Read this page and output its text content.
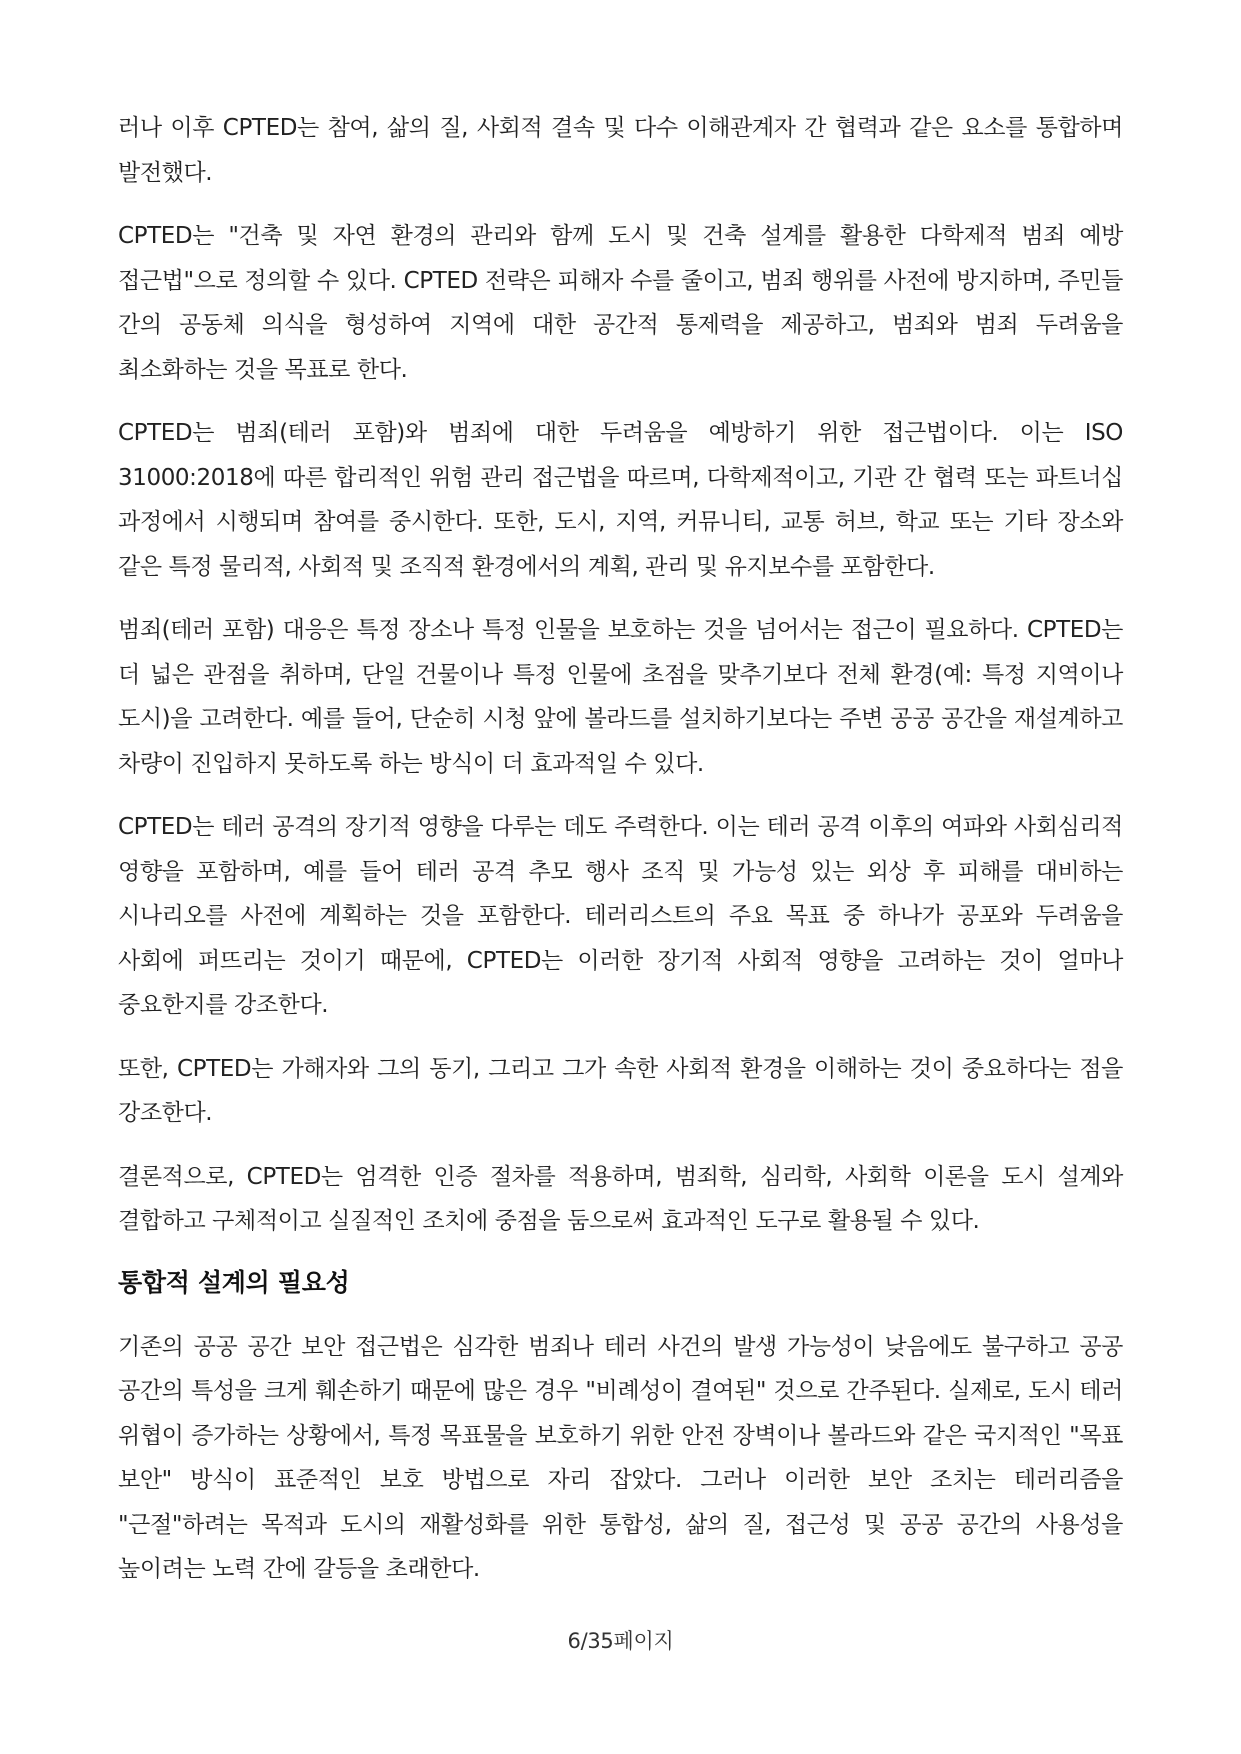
러나 이후 CPTED는 참여, 삶의 질, 사회적 결속 및 다수 이해관계자 간 협력과 같은 요소를 통합하며 발전했다.

CPTED는 "건축 및 자연 환경의 관리와 함께 도시 및 건축 설계를 활용한 다학제적 범죄 예방 접근법"으로 정의할 수 있다. CPTED 전략은 피해자 수를 줄이고, 범죄 행위를 사전에 방지하며, 주민들 간의 공동체 의식을 형성하여 지역에 대한 공간적 통제력을 제공하고, 범죄와 범죄 두려움을 최소화하는 것을 목표로 한다.

CPTED는 범죄(테러 포함)와 범죄에 대한 두려움을 예방하기 위한 접근법이다. 이는 ISO 31000:2018에 따른 합리적인 위험 관리 접근법을 따르며, 다학제적이고, 기관 간 협력 또는 파트너십 과정에서 시행되며 참여를 중시한다. 또한, 도시, 지역, 커뮤니티, 교통 허브, 학교 또는 기타 장소와 같은 특정 물리적, 사회적 및 조직적 환경에서의 계획, 관리 및 유지보수를 포함한다.

범죄(테러 포함) 대응은 특정 장소나 특정 인물을 보호하는 것을 넘어서는 접근이 필요하다. CPTED는 더 넓은 관점을 취하며, 단일 건물이나 특정 인물에 초점을 맞추기보다 전체 환경(예: 특정 지역이나 도시)을 고려한다. 예를 들어, 단순히 시청 앞에 볼라드를 설치하기보다는 주변 공공 공간을 재설계하고 차량이 진입하지 못하도록 하는 방식이 더 효과적일 수 있다.

CPTED는 테러 공격의 장기적 영향을 다루는 데도 주력한다. 이는 테러 공격 이후의 여파와 사회심리적 영향을 포함하며, 예를 들어 테러 공격 추모 행사 조직 및 가능성 있는 외상 후 피해를 대비하는 시나리오를 사전에 계획하는 것을 포함한다. 테러리스트의 주요 목표 중 하나가 공포와 두려움을 사회에 퍼뜨리는 것이기 때문에, CPTED는 이러한 장기적 사회적 영향을 고려하는 것이 얼마나 중요한지를 강조한다.

또한, CPTED는 가해자와 그의 동기, 그리고 그가 속한 사회적 환경을 이해하는 것이 중요하다는 점을 강조한다.

결론적으로, CPTED는 엄격한 인증 절차를 적용하며, 범죄학, 심리학, 사회학 이론을 도시 설계와 결합하고 구체적이고 실질적인 조치에 중점을 둠으로써 효과적인 도구로 활용될 수 있다.

통합적 설계의 필요성

기존의 공공 공간 보안 접근법은 심각한 범죄나 테러 사건의 발생 가능성이 낮음에도 불구하고 공공 공간의 특성을 크게 훼손하기 때문에 많은 경우 "비례성이 결여된" 것으로 간주된다. 실제로, 도시 테러 위협이 증가하는 상황에서, 특정 목표물을 보호하기 위한 안전 장벽이나 볼라드와 같은 국지적인 "목표 보안" 방식이 표준적인 보호 방법으로 자리 잡았다. 그러나 이러한 보안 조치는 테러리즘을 "근절"하려는 목적과 도시의 재활성화를 위한 통합성, 삶의 질, 접근성 및 공공 공간의 사용성을 높이려는 노력 간에 갈등을 초래한다.

6/35페이지
